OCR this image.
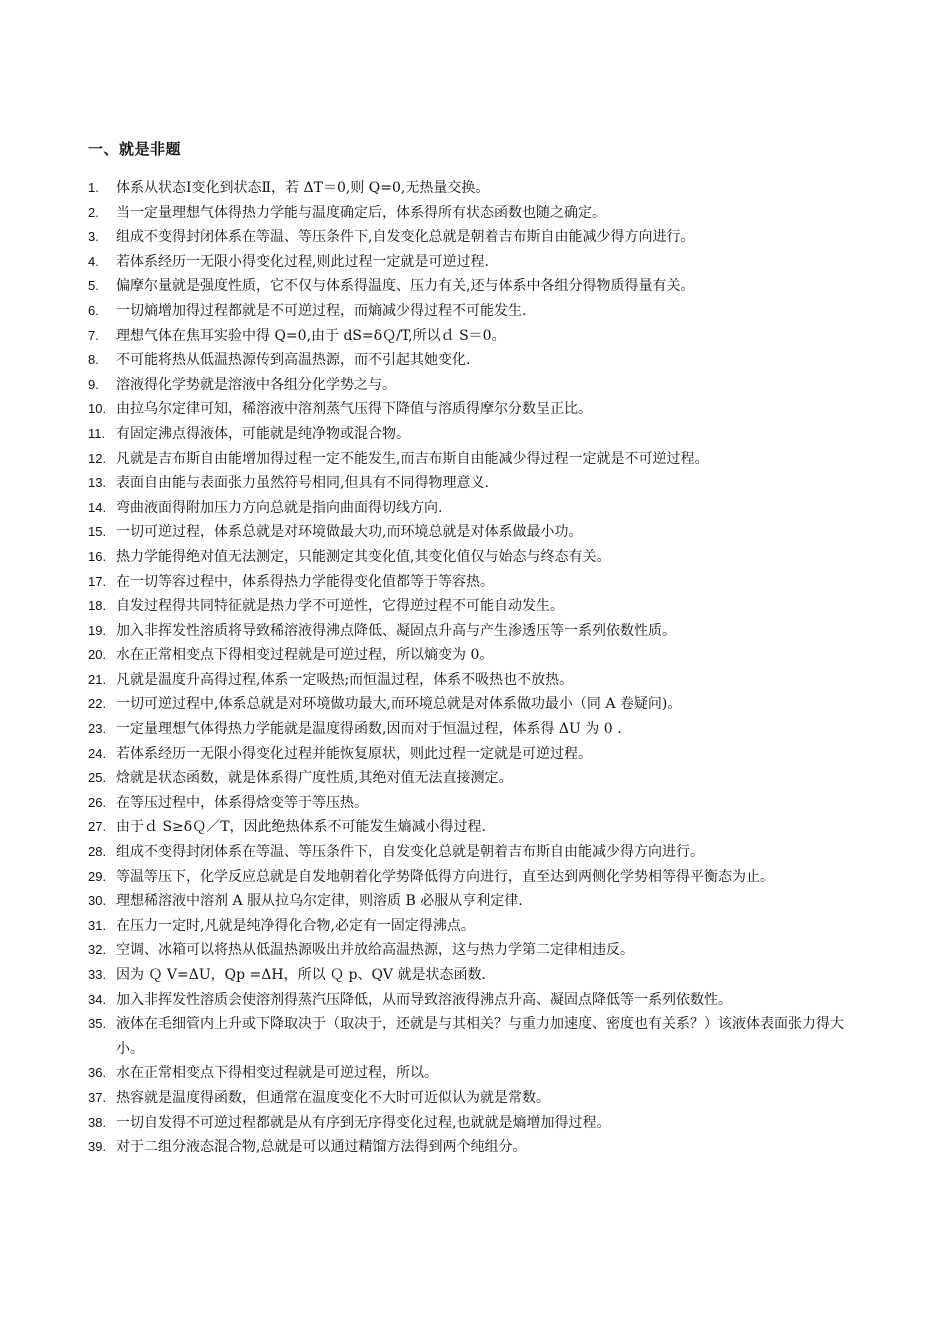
一、就是非题
1.	体系从状态Ⅰ变化到状态Ⅱ，若 ΔT＝0,则 Q=0,无热量交换。
2.	当一定量理想气体得热力学能与温度确定后，体系得所有状态函数也随之确定。
3.	组成不变得封闭体系在等温、等压条件下,自发变化总就是朝着吉布斯自由能减少得方向进行。
4.	若体系经历一无限小得变化过程,则此过程一定就是可逆过程.
5.	偏摩尔量就是强度性质，它不仅与体系得温度、压力有关,还与体系中各组分得物质得量有关。
6.	一切熵增加得过程都就是不可逆过程，而熵减少得过程不可能发生.
7.	理想气体在焦耳实验中得 Q=0,由于 dS=δＱ/T,所以ｄ S＝0。
8.	不可能将热从低温热源传到高温热源，而不引起其她变化.
9.	溶液得化学势就是溶液中各组分化学势之与。
10. 由拉乌尔定律可知，稀溶液中溶剂蒸气压得下降值与溶质得摩尔分数呈正比。
11. 有固定沸点得液体，可能就是纯净物或混合物。
12. 凡就是吉布斯自由能增加得过程一定不能发生,而吉布斯自由能减少得过程一定就是不可逆过程。
13. 表面自由能与表面张力虽然符号相同,但具有不同得物理意义.
14. 弯曲液面得附加压力方向总就是指向曲面得切线方向.
15. 一切可逆过程，体系总就是对环境做最大功,而环境总就是对体系做最小功。
16. 热力学能得绝对值无法测定，只能测定其变化值,其变化值仅与始态与终态有关。
17. 在一切等容过程中，体系得热力学能得变化值都等于等容热。
18. 自发过程得共同特征就是热力学不可逆性，它得逆过程不可能自动发生。
19. 加入非挥发性溶质将导致稀溶液得沸点降低、凝固点升高与产生渗透压等一系列依数性质。
20. 水在正常相变点下得相变过程就是可逆过程，所以熵变为 0。
21. 凡就是温度升高得过程,体系一定吸热;而恒温过程，体系不吸热也不放热。
22. 一切可逆过程中,体系总就是对环境做功最大,而环境总就是对体系做功最小（同 A 卷疑问)。
23. 一定量理想气体得热力学能就是温度得函数,因而对于恒温过程，体系得 ΔU 为 0 .
24. 若体系经历一无限小得变化过程并能恢复原状，则此过程一定就是可逆过程。
25. 焓就是状态函数，就是体系得广度性质,其绝对值无法直接测定。
26. 在等压过程中，体系得焓变等于等压热。
27. 由于ｄ S≥δＱ／T，因此绝热体系不可能发生熵减小得过程.
28. 组成不变得封闭体系在等温、等压条件下，自发变化总就是朝着吉布斯自由能减少得方向进行。
29. 等温等压下，化学反应总就是自发地朝着化学势降低得方向进行，直至达到两侧化学势相等得平衡态为止。
30. 理想稀溶液中溶剂 A 服从拉乌尔定律，则溶质 B 必服从亨利定律.
31. 在压力一定时,凡就是纯净得化合物,必定有一固定得沸点。
32. 空调、冰箱可以将热从低温热源吸出并放给高温热源，这与热力学第二定律相违反。
33. 因为 Ｑ V=ΔU，Qp =ΔH，所以 Ｑ p、QV 就是状态函数.
34. 加入非挥发性溶质会使溶剂得蒸汽压降低，从而导致溶液得沸点升高、凝固点降低等一系列依数性。
35. 液体在毛细管内上升或下降取决于（取决于，还就是与其相关？与重力加速度、密度也有关系？）该液体表面张力得大小。
36. 水在正常相变点下得相变过程就是可逆过程，所以。
37. 热容就是温度得函数，但通常在温度变化不大时可近似认为就是常数。
38. 一切自发得不可逆过程都就是从有序到无序得变化过程,也就就是熵增加得过程。
39. 对于二组分液态混合物,总就是可以通过精馏方法得到两个纯组分。
